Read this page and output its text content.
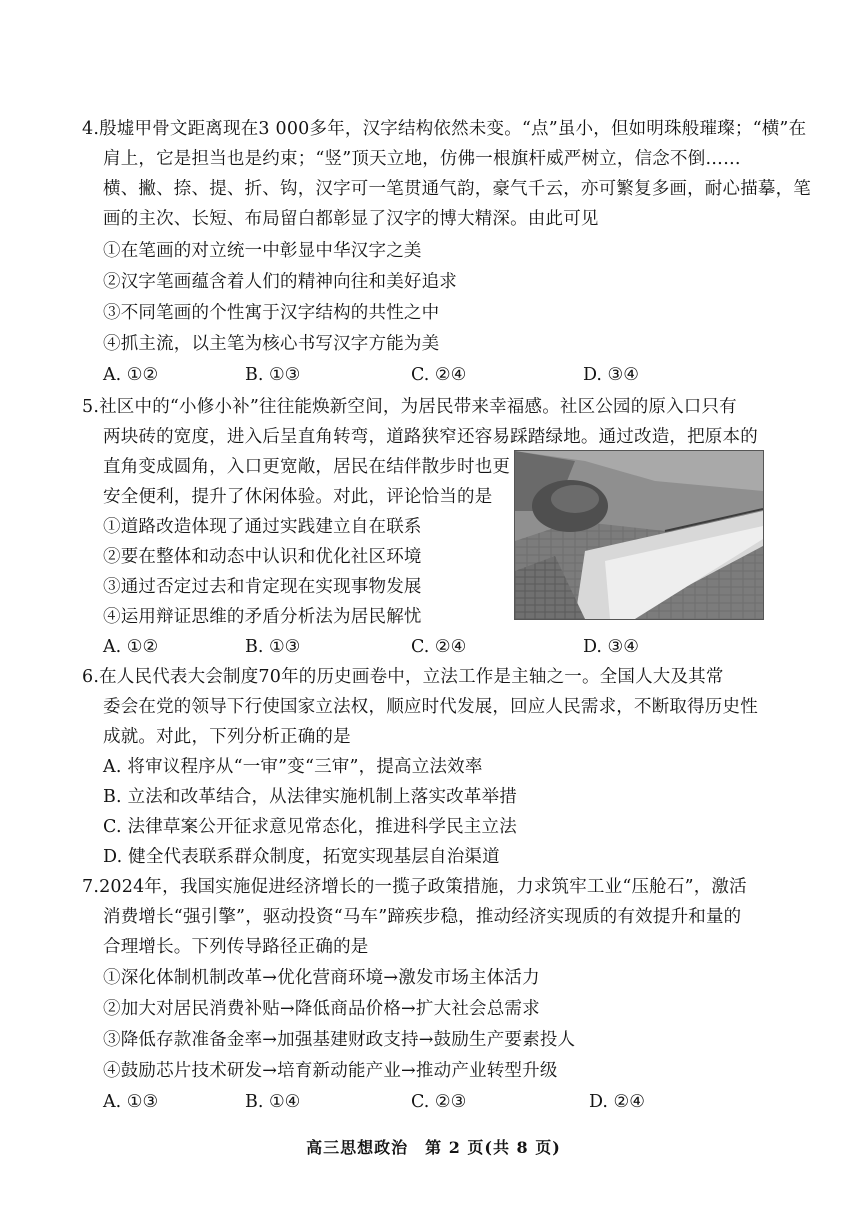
4.殷墟甲骨文距离现在3 000多年，汉字结构依然未变。“点”虽小，但如明珠般璀璨；“横”在
肩上，它是担当也是约束；“竖”顶天立地，仿佛一根旗杆威严树立，信念不倒……
横、撇、捺、提、折、钩，汉字可一笔贯通气韵，豪气千云，亦可繁复多画，耐心描摹，笔
画的主次、长短、布局留白都彰显了汉字的博大精深。由此可见
①在笔画的对立统一中彰显中华汉字之美
②汉字笔画蕴含着人们的精神向往和美好追求
③不同笔画的个性寓于汉字结构的共性之中
④抓主流，以主笔为核心书写汉字方能为美
A. ①②	B. ①③	C. ②④	D. ③④
5.社区中的“小修小补”往往能焕新空间，为居民带来幸福感。社区公园的原入口只有
两块砖的宽度，进入后呈直角转弯，道路狭窄还容易踩踏绿地。通过改造，把原本的
直角变成圆角，入口更宽敞，居民在结伴散步时也更
安全便利，提升了休闲体验。对此，评论恰当的是
①道路改造体现了通过实践建立自在联系
②要在整体和动态中认识和优化社区环境
③通过否定过去和肯定现在实现事物发展
④运用辩证思维的矛盾分析法为居民解忧
A. ①②	B. ①③	C. ②④	D. ③④
6.在人民代表大会制度70年的历史画卷中，立法工作是主轴之一。全国人大及其常
委会在党的领导下行使国家立法权，顺应时代发展，回应人民需求，不断取得历史性
成就。对此，下列分析正确的是
A. 将审议程序从“一审”变“三审”，提高立法效率
B. 立法和改革结合，从法律实施机制上落实改革举措
C. 法律草案公开征求意见常态化，推进科学民主立法
D. 健全代表联系群众制度，拓宽实现基层自治渠道
7.2024年，我国实施促进经济增长的一揽子政策措施，力求筑牢工业“压舱石”，激活
消费增长“强引擎”，驱动投资“马车”蹄疾步稳，推动经济实现质的有效提升和量的
合理增长。下列传导路径正确的是
①深化体制机制改革→优化营商环境→激发市场主体活力
②加大对居民消费补贴→降低商品价格→扩大社会总需求
③降低存款准备金率→加强基建财政支持→鼓励生产要素投人
④鼓励芯片技术研发→培育新动能产业→推动产业转型升级
A. ①③	B. ①④	C. ②③	D. ②④
高三思想政治　第 2 页(共 8 页)
